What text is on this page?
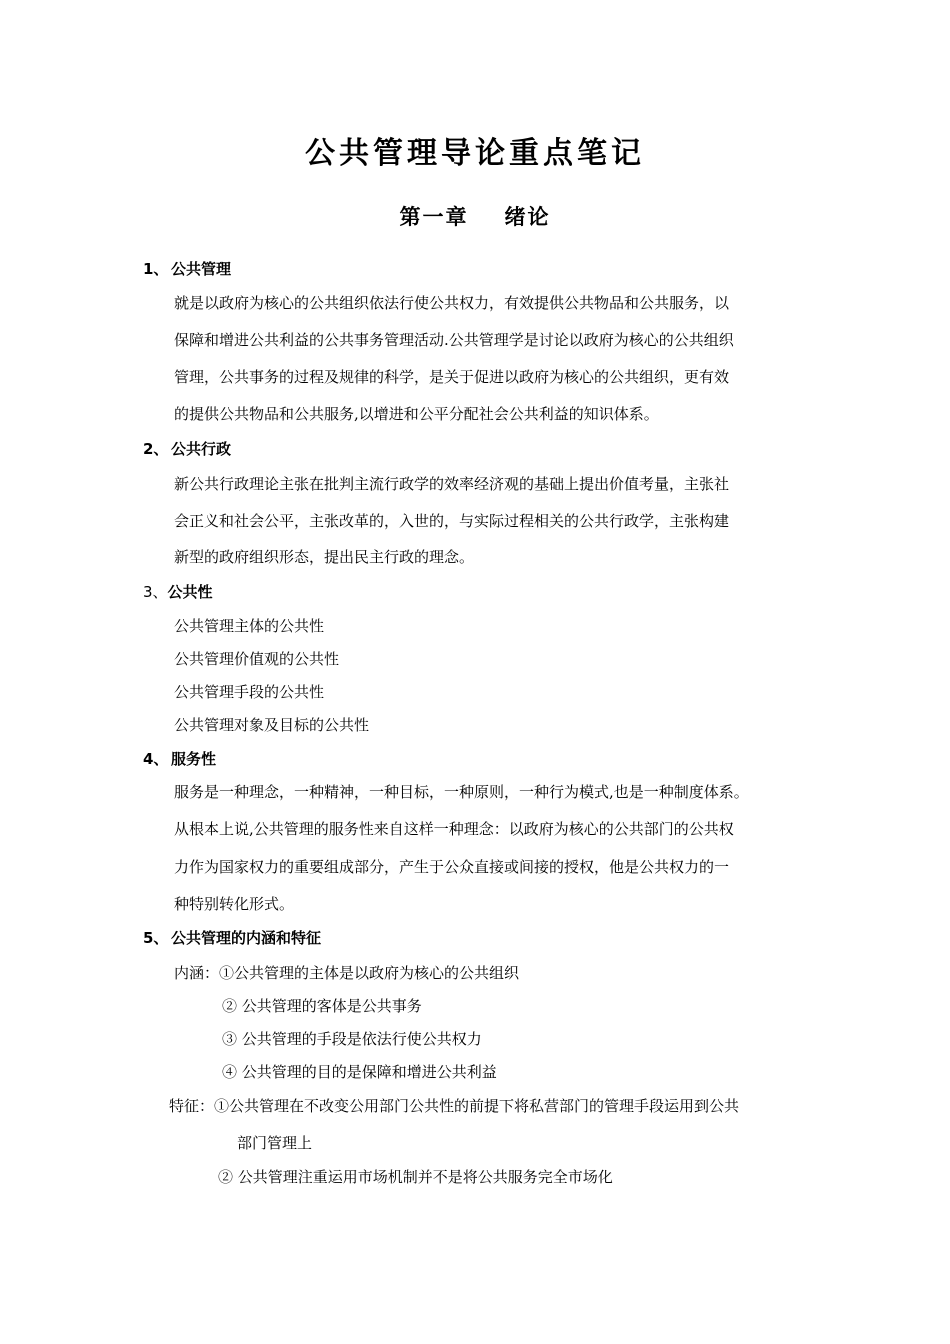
公共管理导论重点笔记
第一章 绪论
1、 公共管理
就是以政府为核心的公共组织依法行使公共权力，有效提供公共物品和公共服务，以
保障和增进公共利益的公共事务管理活动.公共管理学是讨论以政府为核心的公共组织
管理，公共事务的过程及规律的科学，是关于促进以政府为核心的公共组织，更有效
的提供公共物品和公共服务,以增进和公平分配社会公共利益的知识体系。
2、 公共行政
新公共行政理论主张在批判主流行政学的效率经济观的基础上提出价值考量，主张社
会正义和社会公平，主张改革的，入世的，与实际过程相关的公共行政学，主张构建
新型的政府组织形态，提出民主行政的理念。
3、公共性
公共管理主体的公共性
公共管理价值观的公共性
公共管理手段的公共性
公共管理对象及目标的公共性
4、 服务性
服务是一种理念，一种精神，一种目标，一种原则，一种行为模式,也是一种制度体系。
从根本上说,公共管理的服务性来自这样一种理念：以政府为核心的公共部门的公共权
力作为国家权力的重要组成部分，产生于公众直接或间接的授权，他是公共权力的一
种特别转化形式。
5、 公共管理的内涵和特征
内涵：①公共管理的主体是以政府为核心的公共组织
② 公共管理的客体是公共事务
③ 公共管理的手段是依法行使公共权力
④ 公共管理的目的是保障和增进公共利益
特征：①公共管理在不改变公用部门公共性的前提下将私营部门的管理手段运用到公共
部门管理上
② 公共管理注重运用市场机制并不是将公共服务完全市场化
